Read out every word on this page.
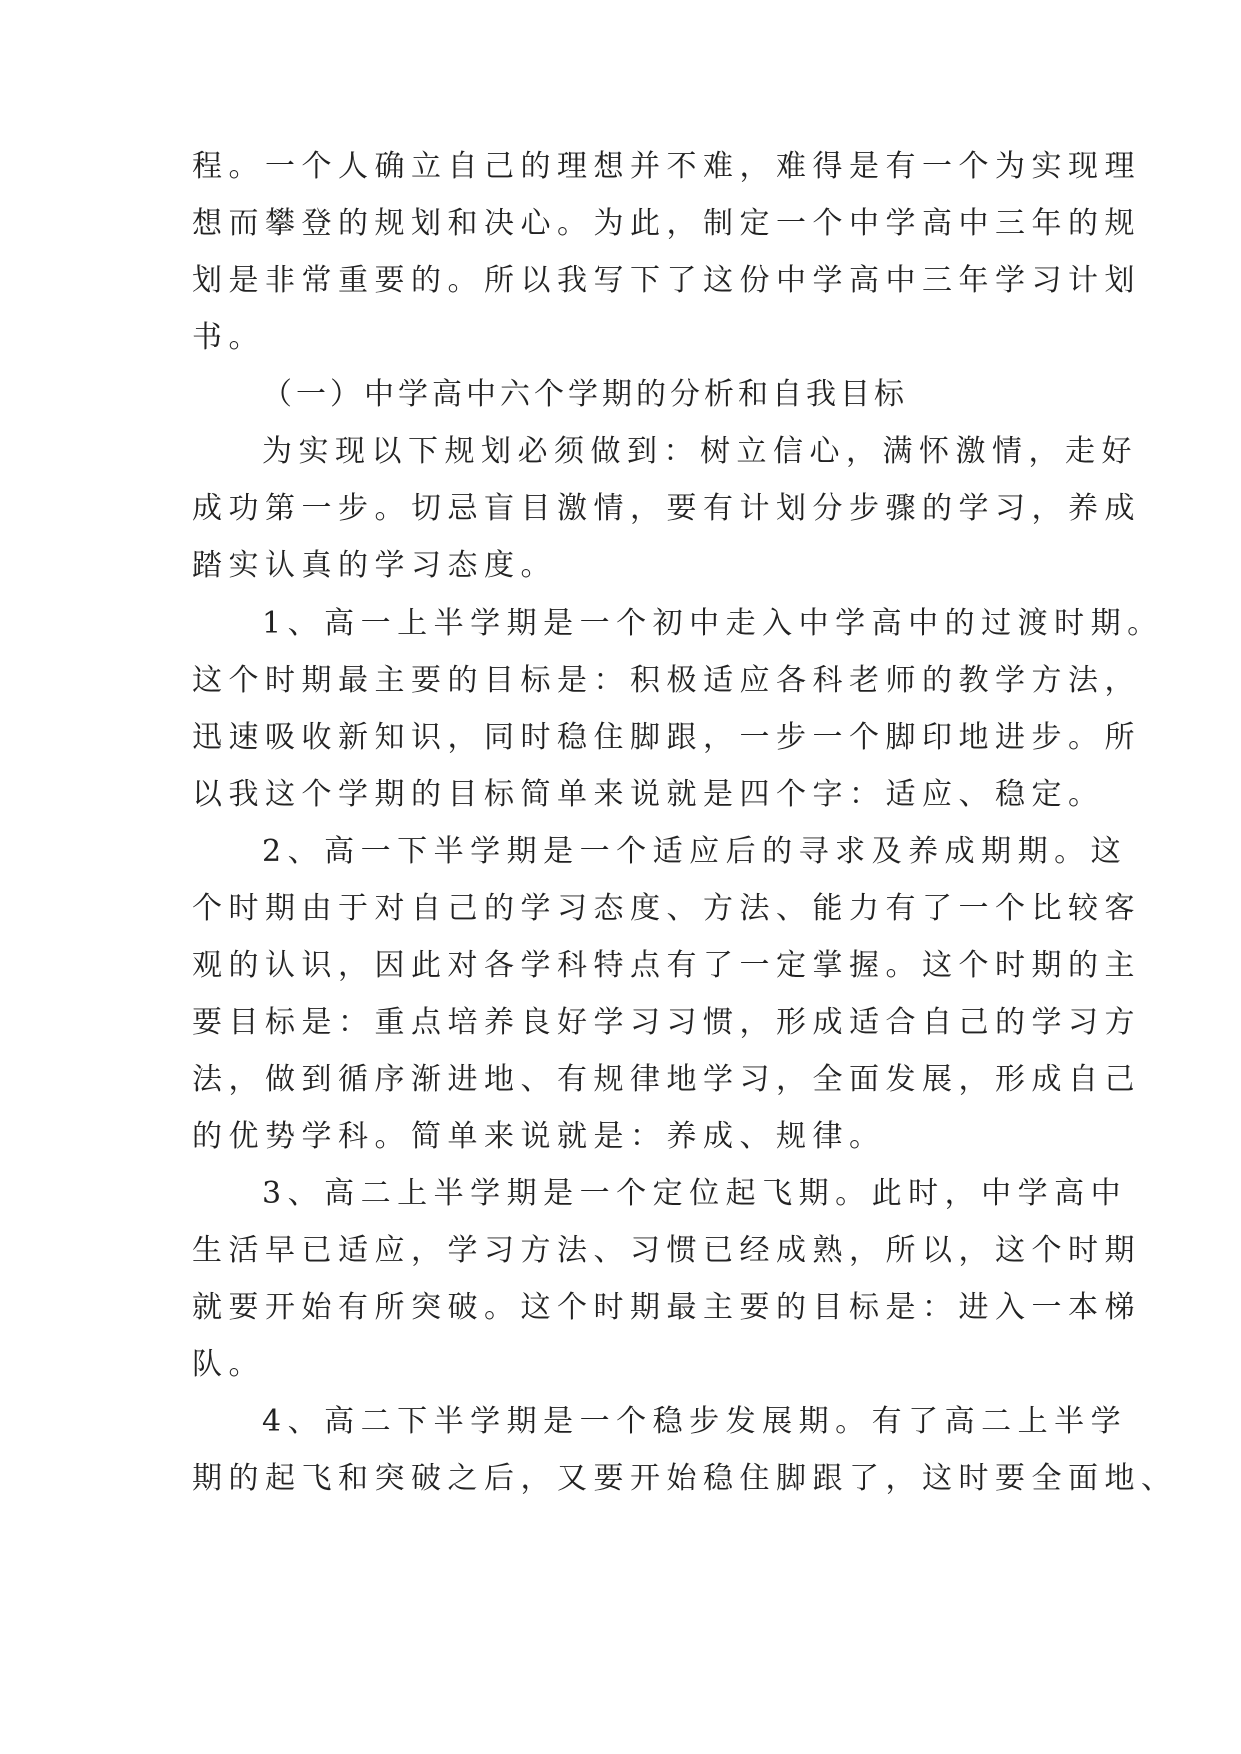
程。一个人确立自己的理想并不难，难得是有一个为实现理
想而攀登的规划和决心。为此，制定一个中学高中三年的规
划是非常重要的。所以我写下了这份中学高中三年学习计划
书。
（一）中学高中六个学期的分析和自我目标
为实现以下规划必须做到：树立信心，满怀激情，走好
成功第一步。切忌盲目激情，要有计划分步骤的学习，养成
踏实认真的学习态度。
1、高一上半学期是一个初中走入中学高中的过渡时期。
这个时期最主要的目标是：积极适应各科老师的教学方法，
迅速吸收新知识，同时稳住脚跟，一步一个脚印地进步。所
以我这个学期的目标简单来说就是四个字：适应、稳定。
2、高一下半学期是一个适应后的寻求及养成期期。这
个时期由于对自己的学习态度、方法、能力有了一个比较客
观的认识，因此对各学科特点有了一定掌握。这个时期的主
要目标是：重点培养良好学习习惯，形成适合自己的学习方
法，做到循序渐进地、有规律地学习，全面发展，形成自己
的优势学科。简单来说就是：养成、规律。
3、高二上半学期是一个定位起飞期。此时，中学高中
生活早已适应，学习方法、习惯已经成熟，所以，这个时期
就要开始有所突破。这个时期最主要的目标是：进入一本梯
队。
4、高二下半学期是一个稳步发展期。有了高二上半学
期的起飞和突破之后，又要开始稳住脚跟了，这时要全面地、
